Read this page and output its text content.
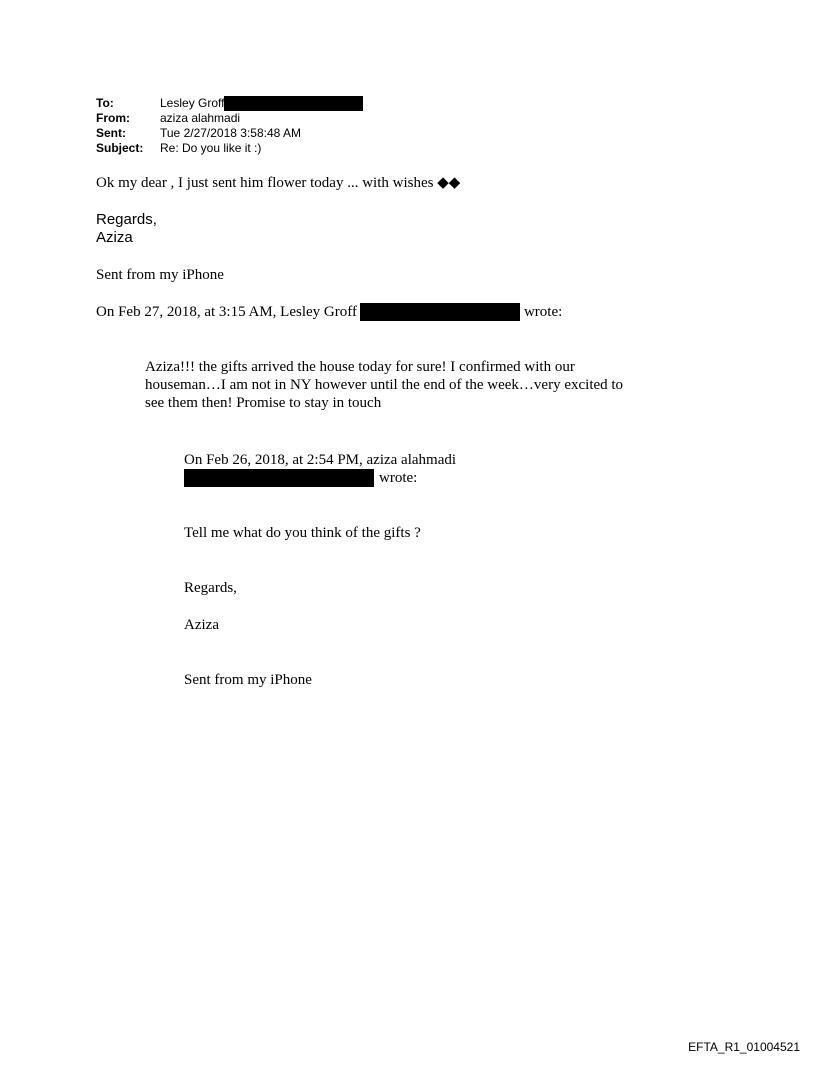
To:	Lesley Groff
From:	aziza alahmadi
Sent:	Tue 2/27/2018 3:58:48 AM
Subject:	Re: Do you like it :)
Ok my dear , I just sent him flower today ... with wishes ◆◆
Regards,
Aziza
Sent from my iPhone
On Feb 27, 2018, at 3:15 AM, Lesley Groff	wrote:
Aziza!!! the gifts arrived the house today for sure! I confirmed with our
houseman…I am not in NY however until the end of the week…very excited to
see them then! Promise to stay in touch
On Feb 26, 2018, at 2:54 PM, aziza alahmadi
wrote:
Tell me what do you think of the gifts ?
Regards,
Aziza
Sent from my iPhone
EFTA_R1_01004521
